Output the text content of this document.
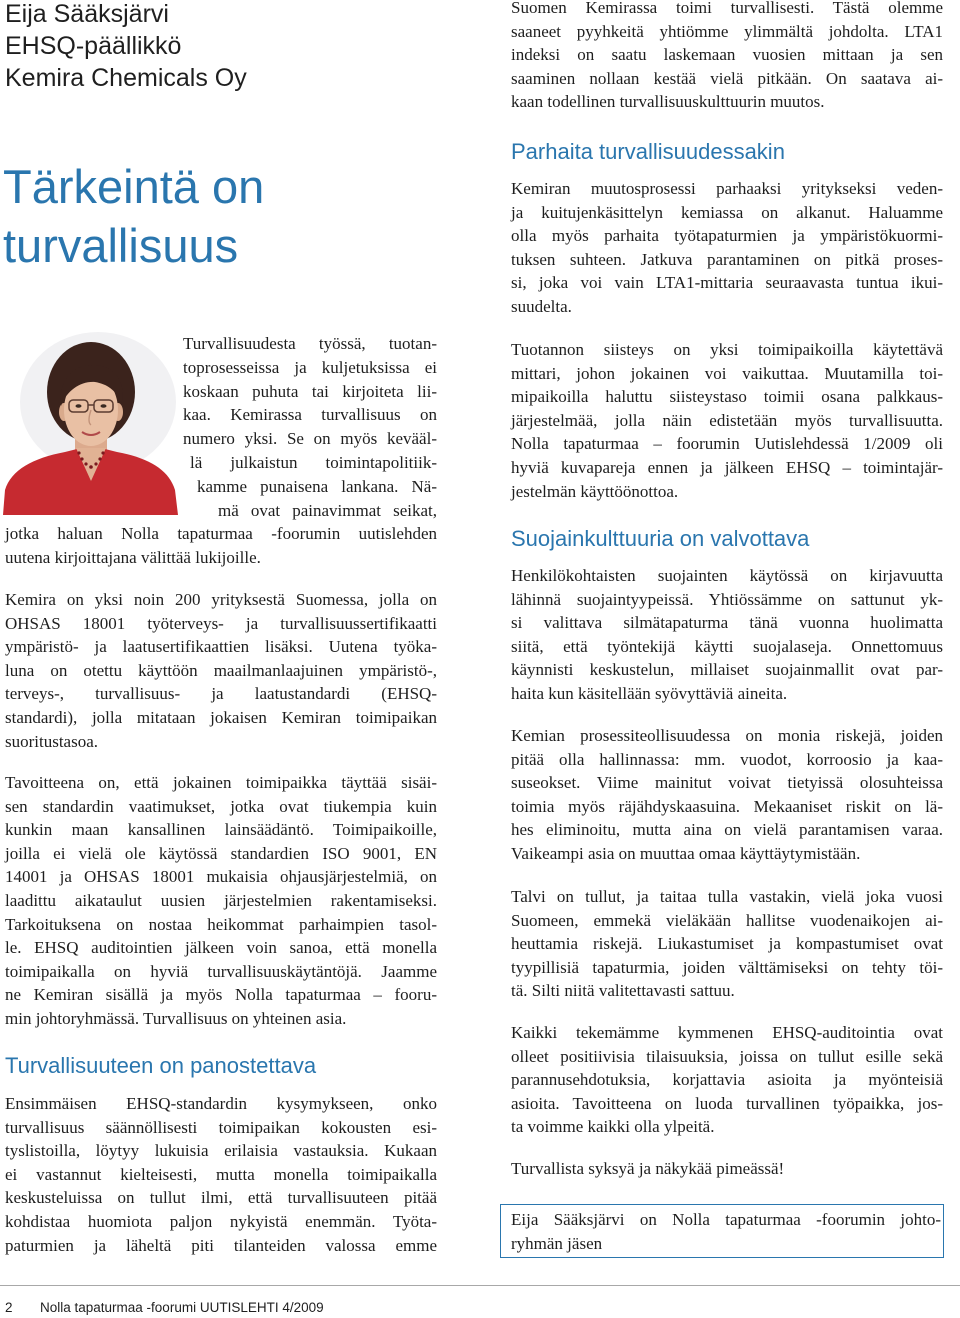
Eija Sääksjärvi
EHSQ-päällikkö
Kemira Chemicals Oy
Tärkeintä on
turvallisuus
Turvallisuudesta työssä, tuotan-
toprosesseissa ja kuljetuksissa ei
koskaan puhuta tai kirjoiteta lii-
kaa. Kemirassa turvallisuus on
numero yksi. Se on myös kevääl-
lä julkaistun toimintapolitiik-
kamme punaisena lankana. Nä-
mä ovat painavimmat seikat,
jotka haluan Nolla tapaturmaa -foorumin uutislehden
uutena kirjoittajana välittää lukijoille.
Kemira on yksi noin 200 yrityksestä Suomessa, jolla on
OHSAS 18001 työterveys- ja turvallisuussertifikaatti
ympäristö- ja laatusertifikaattien lisäksi. Uutena työka-
luna on otettu käyttöön maailmanlaajuinen ympäristö-,
terveys-, turvallisuus- ja laatustandardi (EHSQ-
standardi), jolla mitataan jokaisen Kemiran toimipaikan
suoritustasoa.
Tavoitteena on, että jokainen toimipaikka täyttää sisäi-
sen standardin vaatimukset, jotka ovat tiukempia kuin
kunkin maan kansallinen lainsäädäntö. Toimipaikoille,
joilla ei vielä ole käytössä standardien ISO 9001, EN
14001 ja OHSAS 18001 mukaisia ohjausjärjestelmiä, on
laadittu aikataulut uusien järjestelmien rakentamiseksi.
Tarkoituksena on nostaa heikommat parhaimpien tasol-
le. EHSQ auditointien jälkeen voin sanoa, että monella
toimipaikalla on hyviä turvallisuuskäytäntöjä. Jaamme
ne Kemiran sisällä ja myös Nolla tapaturmaa – fooru-
min johtoryhmässä. Turvallisuus on yhteinen asia.
Turvallisuuteen on panostettava
Ensimmäisen EHSQ-standardin kysymykseen, onko
turvallisuus säännöllisesti toimipaikan kokousten esi-
tyslistoilla, löytyy lukuisia erilaisia vastauksia. Kukaan
ei vastannut kielteisesti, mutta monella toimipaikalla
keskusteluissa on tullut ilmi, että turvallisuuteen pitää
kohdistaa huomiota paljon nykyistä enemmän. Työta-
paturmien ja läheltä piti tilanteiden valossa emme
Suomen Kemirassa toimi turvallisesti. Tästä olemme
saaneet pyyhkeitä yhtiömme ylimmältä johdolta. LTA1
indeksi on saatu laskemaan vuosien mittaan ja sen
saaminen nollaan kestää vielä pitkään. On saatava ai-
kaan todellinen turvallisuuskulttuurin muutos.
Parhaita turvallisuudessakin
Kemiran muutosprosessi parhaaksi yritykseksi veden-
ja kuitujenkäsittelyn kemiassa on alkanut. Haluamme
olla myös parhaita työtapaturmien ja ympäristökuormi-
tuksen suhteen. Jatkuva parantaminen on pitkä proses-
si, joka voi vain LTA1-mittaria seuraavasta tuntua ikui-
suudelta.
Tuotannon siisteys on yksi toimipaikoilla käytettävä
mittari, johon jokainen voi vaikuttaa. Muutamilla toi-
mipaikoilla haluttu siisteystaso toimii osana palkkaus-
järjestelmää, jolla näin edistetään myös turvallisuutta.
Nolla tapaturmaa – foorumin Uutislehdessä 1/2009 oli
hyviä kuvapareja ennen ja jälkeen EHSQ – toimintajär-
jestelmän käyttöönottoa.
Suojainkulttuuria on valvottava
Henkilökohtaisten suojainten käytössä on kirjavuutta
lähinnä suojaintyypeissä. Yhtiössämme on sattunut yk-
si valittava silmätapaturma tänä vuonna huolimatta
siitä, että työntekijä käytti suojalaseja. Onnettomuus
käynnisti keskustelun, millaiset suojainmallit ovat par-
haita kun käsitellään syövyttäviä aineita.
Kemian prosessiteollisuudessa on monia riskejä, joiden
pitää olla hallinnassa: mm. vuodot, korroosio ja kaa-
suseokset. Viime mainitut voivat tietyissä olosuhteissa
toimia myös räjähdyskaasuina. Mekaaniset riskit on lä-
hes eliminoitu, mutta aina on vielä parantamisen varaa.
Vaikeampi asia on muuttaa omaa käyttäytymistään.
Talvi on tullut, ja taitaa tulla vastakin, vielä joka vuosi
Suomeen, emmekä vieläkään hallitse vuodenaikojen ai-
heuttamia riskejä. Liukastumiset ja kompastumiset ovat
tyypillisiä tapaturmia, joiden välttämiseksi on tehty töi-
tä. Silti niitä valitettavasti sattuu.
Kaikki tekemämme kymmenen EHSQ-auditointia ovat
olleet positiivisia tilaisuuksia, joissa on tullut esille sekä
parannusehdotuksia, korjattavia asioita ja myönteisiä
asioita. Tavoitteena on luoda turvallinen työpaikka, jos-
ta voimme kaikki olla ylpeitä.
Turvallista syksyä ja näkykää pimeässä!
Eija Sääksjärvi on Nolla tapaturmaa -foorumin johto-
ryhmän jäsen
2 Nolla tapaturmaa -foorumi UUTISLEHTI 4/2009
